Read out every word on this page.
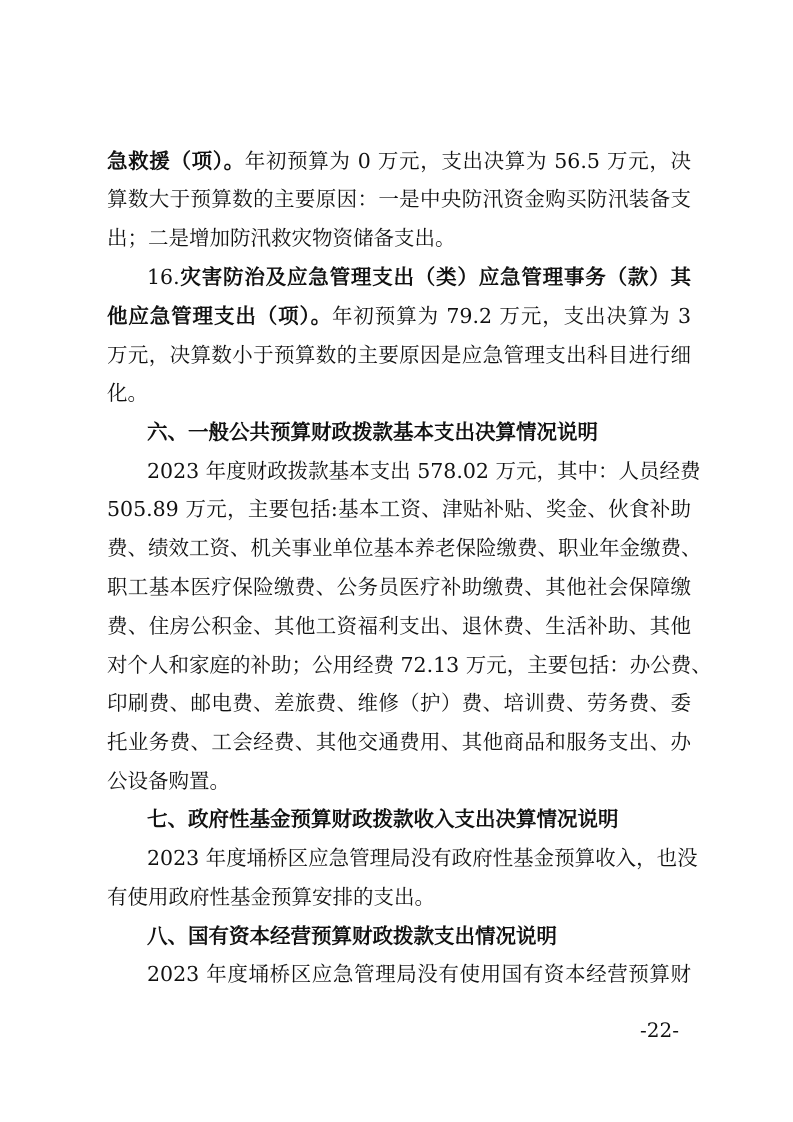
急救援（项）。年初预算为 0 万元，支出决算为 56.5 万元，决
算数大于预算数的主要原因：一是中央防汛资金购买防汛装备支
出；二是增加防汛救灾物资储备支出。
16.灾害防治及应急管理支出（类）应急管理事务（款）其
他应急管理支出（项）。年初预算为 79.2 万元，支出决算为 3
万元，决算数小于预算数的主要原因是应急管理支出科目进行细
化。
六、一般公共预算财政拨款基本支出决算情况说明
2023 年度财政拨款基本支出 578.02 万元，其中：人员经费
505.89 万元，主要包括:基本工资、津贴补贴、奖金、伙食补助
费、绩效工资、机关事业单位基本养老保险缴费、职业年金缴费、
职工基本医疗保险缴费、公务员医疗补助缴费、其他社会保障缴
费、住房公积金、其他工资福利支出、退休费、生活补助、其他
对个人和家庭的补助；公用经费 72.13 万元，主要包括：办公费、
印刷费、邮电费、差旅费、维修（护）费、培训费、劳务费、委
托业务费、工会经费、其他交通费用、其他商品和服务支出、办
公设备购置。
七、政府性基金预算财政拨款收入支出决算情况说明
2023 年度埇桥区应急管理局没有政府性基金预算收入，也没
有使用政府性基金预算安排的支出。
八、国有资本经营预算财政拨款支出情况说明
2023 年度埇桥区应急管理局没有使用国有资本经营预算财
-22-
